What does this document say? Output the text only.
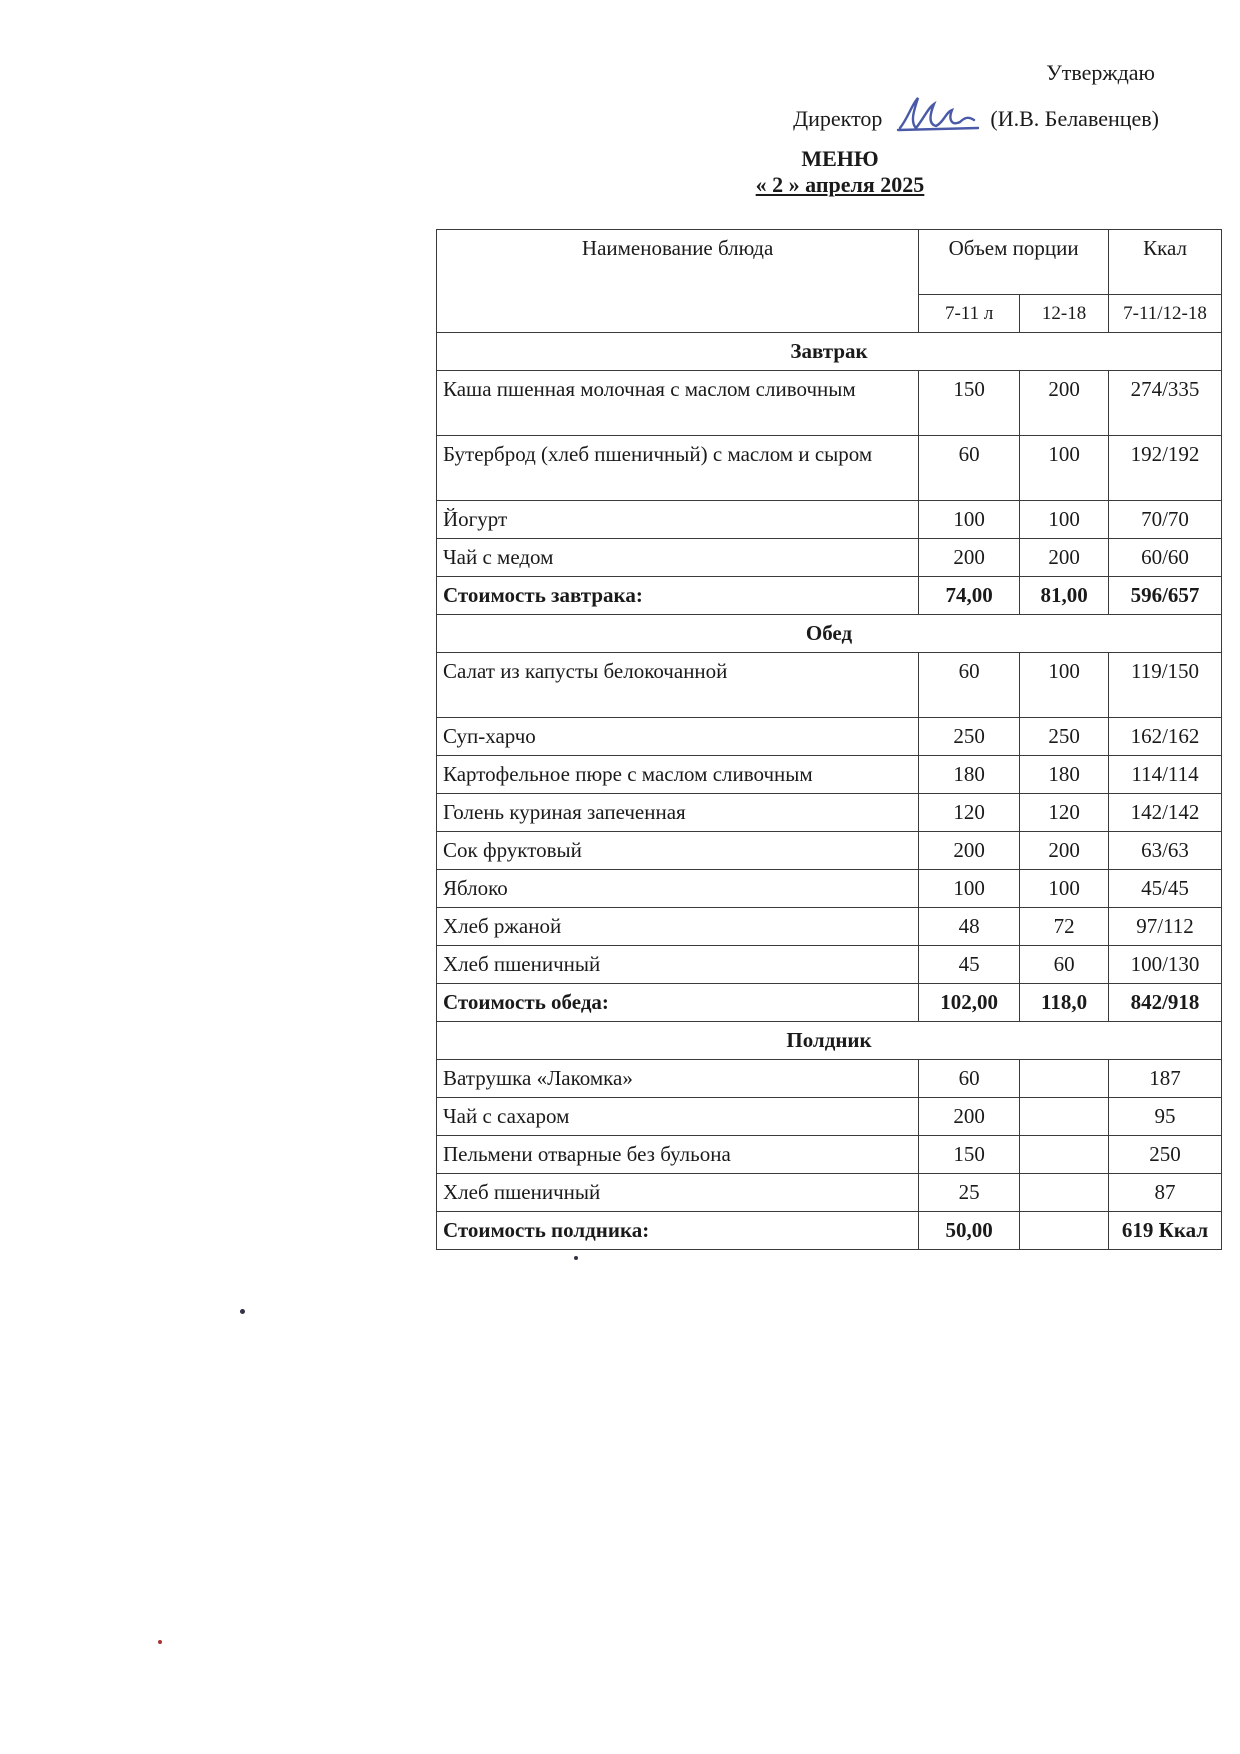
Утверждаю
Директор	(И.В. Белавенцев)
МЕНЮ
« 2 » апреля 2025
Наименование блюда	Объем порции		Ккал
	7-11 л	12-18	7-11/12-18
Завтрак			
Каша пшенная молочная с маслом сливочным	150	200	274/335
Бутерброд (хлеб пшеничный) с маслом и сыром	60	100	192/192
Йогурт	100	100	70/70
Чай с медом	200	200	60/60
Стоимость завтрака:	74,00	81,00	596/657
Обед			
Салат из капусты белокочанной	60	100	119/150
Суп-харчо	250	250	162/162
Картофельное пюре с маслом сливочным	180	180	114/114
Голень куриная запеченная	120	120	142/142
Сок фруктовый	200	200	63/63
Яблоко	100	100	45/45
Хлеб ржаной	48	72	97/112
Хлеб пшеничный	45	60	100/130
Стоимость обеда:	102,00	118,0	842/918
Полдник			
Ватрушка «Лакомка»	60		187
Чай с сахаром	200		95
Пельмени отварные без бульона	150		250
Хлеб пшеничный	25		87
Стоимость полдника:	50,00		619 Ккал
